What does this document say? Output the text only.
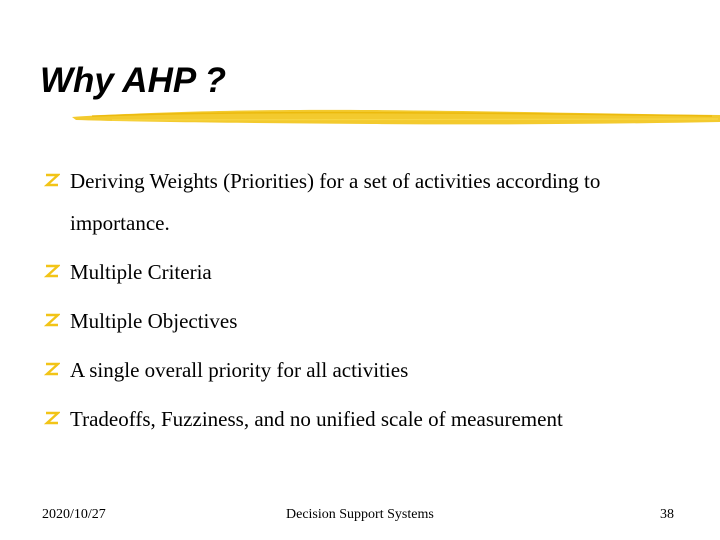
Why AHP ?
Deriving Weights (Priorities) for a set of activities according to importance.
Multiple Criteria
Multiple Objectives
A single overall priority for all activities
Tradeoffs, Fuzziness, and no unified scale of measurement
2020/10/27	Decision Support Systems	38
